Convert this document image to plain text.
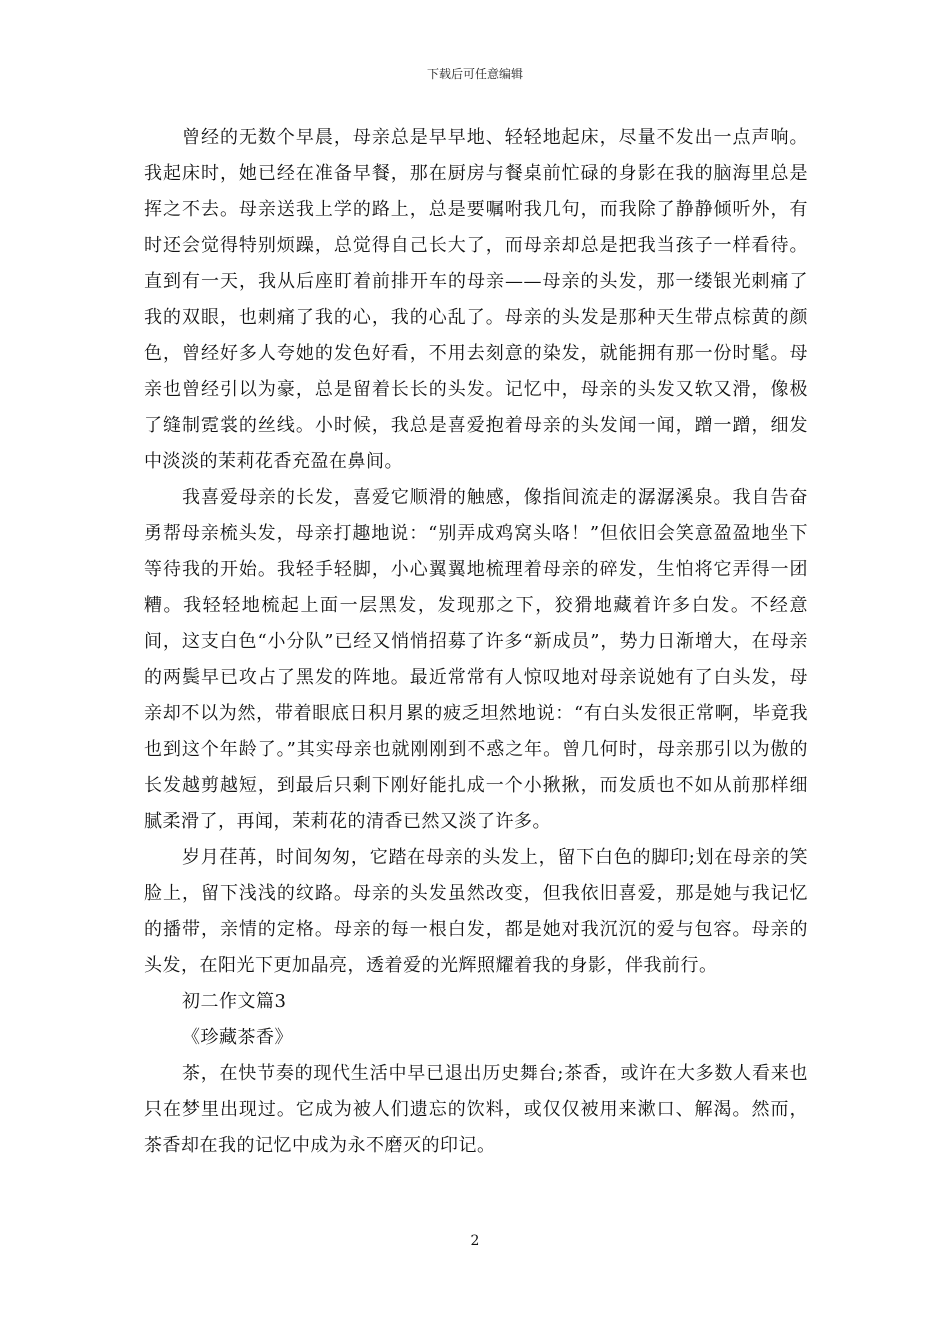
下载后可任意编辑

曾经的无数个早晨，母亲总是早早地、轻轻地起床，尽量不发出一点声响。我起床时，她已经在准备早餐，那在厨房与餐桌前忙碌的身影在我的脑海里总是挥之不去。母亲送我上学的路上，总是要嘱咐我几句，而我除了静静倾听外，有时还会觉得特别烦躁，总觉得自己长大了，而母亲却总是把我当孩子一样看待。直到有一天，我从后座盯着前排开车的母亲——母亲的头发，那一缕银光刺痛了我的双眼，也刺痛了我的心，我的心乱了。母亲的头发是那种天生带点棕黄的颜色，曾经好多人夸她的发色好看，不用去刻意的染发，就能拥有那一份时髦。母亲也曾经引以为豪，总是留着长长的头发。记忆中，母亲的头发又软又滑，像极了缝制霓裳的丝线。小时候，我总是喜爱抱着母亲的头发闻一闻，蹭一蹭，细发中淡淡的茉莉花香充盈在鼻间。

我喜爱母亲的长发，喜爱它顺滑的触感，像指间流走的潺潺溪泉。我自告奋勇帮母亲梳头发，母亲打趣地说：“别弄成鸡窝头咯！”但依旧会笑意盈盈地坐下等待我的开始。我轻手轻脚，小心翼翼地梳理着母亲的碎发，生怕将它弄得一团糟。我轻轻地梳起上面一层黑发，发现那之下，狡猾地藏着许多白发。不经意间，这支白色“小分队”已经又悄悄招募了许多“新成员”，势力日渐增大，在母亲的两鬓早已攻占了黑发的阵地。最近常常有人惊叹地对母亲说她有了白头发，母亲却不以为然，带着眼底日积月累的疲乏坦然地说：“有白头发很正常啊，毕竟我也到这个年龄了。”其实母亲也就刚刚到不惑之年。曾几何时，母亲那引以为傲的长发越剪越短，到最后只剩下刚好能扎成一个小揪揪，而发质也不如从前那样细腻柔滑了，再闻，茉莉花的清香已然又淡了许多。

岁月荏苒，时间匆匆，它踏在母亲的头发上，留下白色的脚印;划在母亲的笑脸上，留下浅浅的纹路。母亲的头发虽然改变，但我依旧喜爱，那是她与我记忆的播带，亲情的定格。母亲的每一根白发，都是她对我沉沉的爱与包容。母亲的头发，在阳光下更加晶亮，透着爱的光辉照耀着我的身影，伴我前行。

初二作文篇3

《珍藏茶香》

茶，在快节奏的现代生活中早已退出历史舞台;茶香，或许在大多数人看来也只在梦里出现过。它成为被人们遗忘的饮料，或仅仅被用来漱口、解渴。然而，茶香却在我的记忆中成为永不磨灭的印记。

2
